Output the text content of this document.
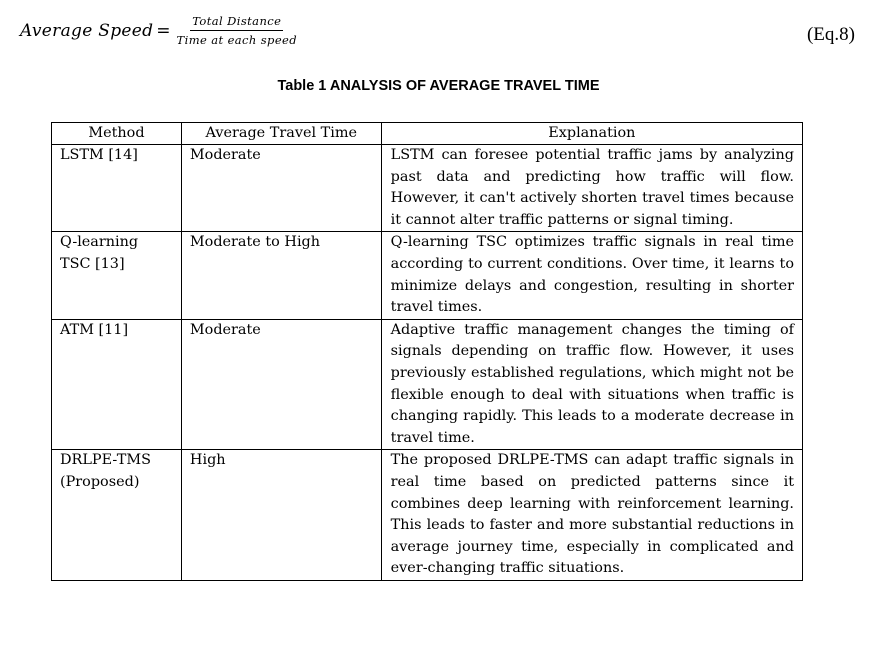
Average Speed = $\frac{\text{Total Distance}}{\text{Time at each speed}}$	(Eq.8)
Table 1 ANALYSIS OF AVERAGE TRAVEL TIME
Method	Average Travel Time	Explanation
LSTM [14]	Moderate	LSTM can foresee potential traffic jams by analyzing past data and predicting how traffic will flow. However, it can't actively shorten travel times because it cannot alter traffic patterns or signal timing.
Q-learning TSC [13]	Moderate to High	Q-learning TSC optimizes traffic signals in real time according to current conditions. Over time, it learns to minimize delays and congestion, resulting in shorter travel times.
ATM [11]	Moderate	Adaptive traffic management changes the timing of signals depending on traffic flow. However, it uses previously established regulations, which might not be flexible enough to deal with situations when traffic is changing rapidly. This leads to a moderate decrease in travel time.
DRLPE-TMS (Proposed)	High	The proposed DRLPE-TMS can adapt traffic signals in real time based on predicted patterns since it combines deep learning with reinforcement learning. This leads to faster and more substantial reductions in average journey time, especially in complicated and ever-changing traffic situations.
